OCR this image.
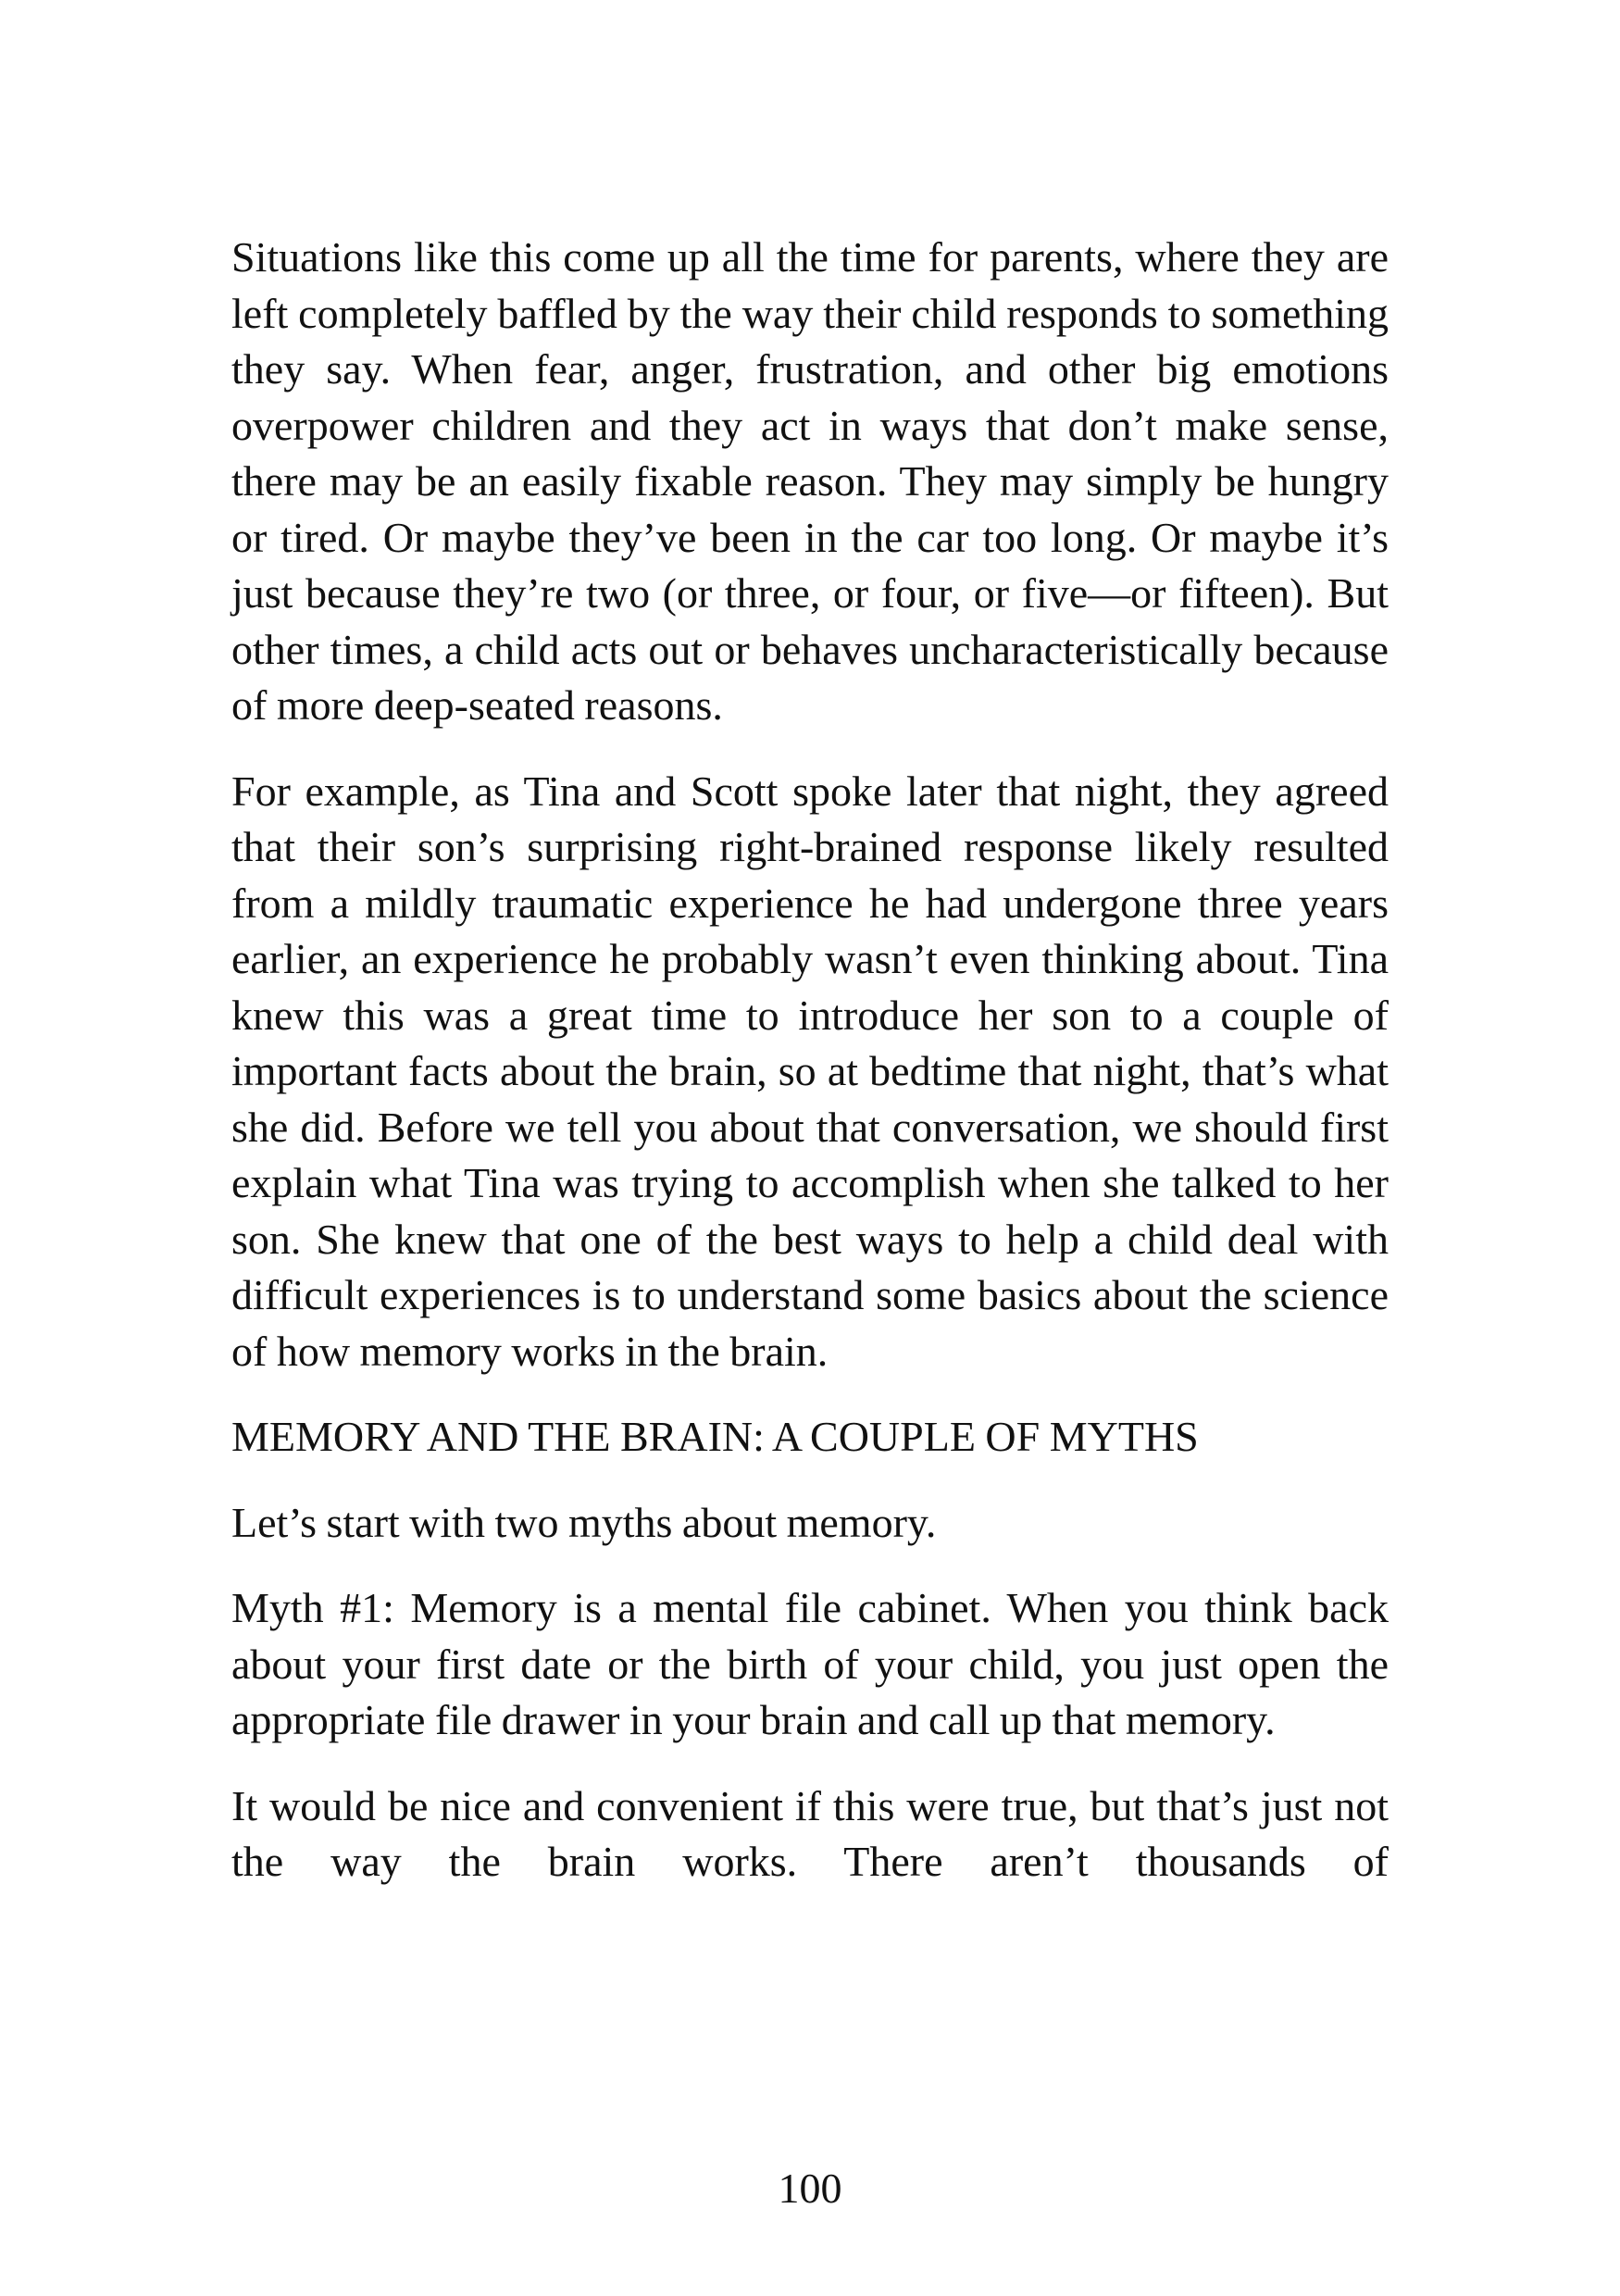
Situations like this come up all the time for parents, where they are left completely baffled by the way their child responds to something they say. When fear, anger, frustration, and other big emotions overpower children and they act in ways that don’t make sense, there may be an easily fixable reason. They may simply be hungry or tired. Or maybe they’ve been in the car too long. Or maybe it’s just because they’re two (or three, or four, or five—or fifteen). But other times, a child acts out or behaves uncharacteristically because of more deep-seated reasons.

For example, as Tina and Scott spoke later that night, they agreed that their son’s surprising right-brained response likely resulted from a mildly traumatic experience he had undergone three years earlier, an experience he probably wasn’t even thinking about. Tina knew this was a great time to introduce her son to a couple of important facts about the brain, so at bedtime that night, that’s what she did. Before we tell you about that conversation, we should first explain what Tina was trying to accomplish when she talked to her son. She knew that one of the best ways to help a child deal with difficult experiences is to understand some basics about the science of how memory works in the brain.

MEMORY AND THE BRAIN: A COUPLE OF MYTHS

Let’s start with two myths about memory.

Myth #1: Memory is a mental file cabinet. When you think back about your first date or the birth of your child, you just open the appropriate file drawer in your brain and call up that memory.

It would be nice and convenient if this were true, but that’s just not the way the brain works. There aren’t thousands of

100
